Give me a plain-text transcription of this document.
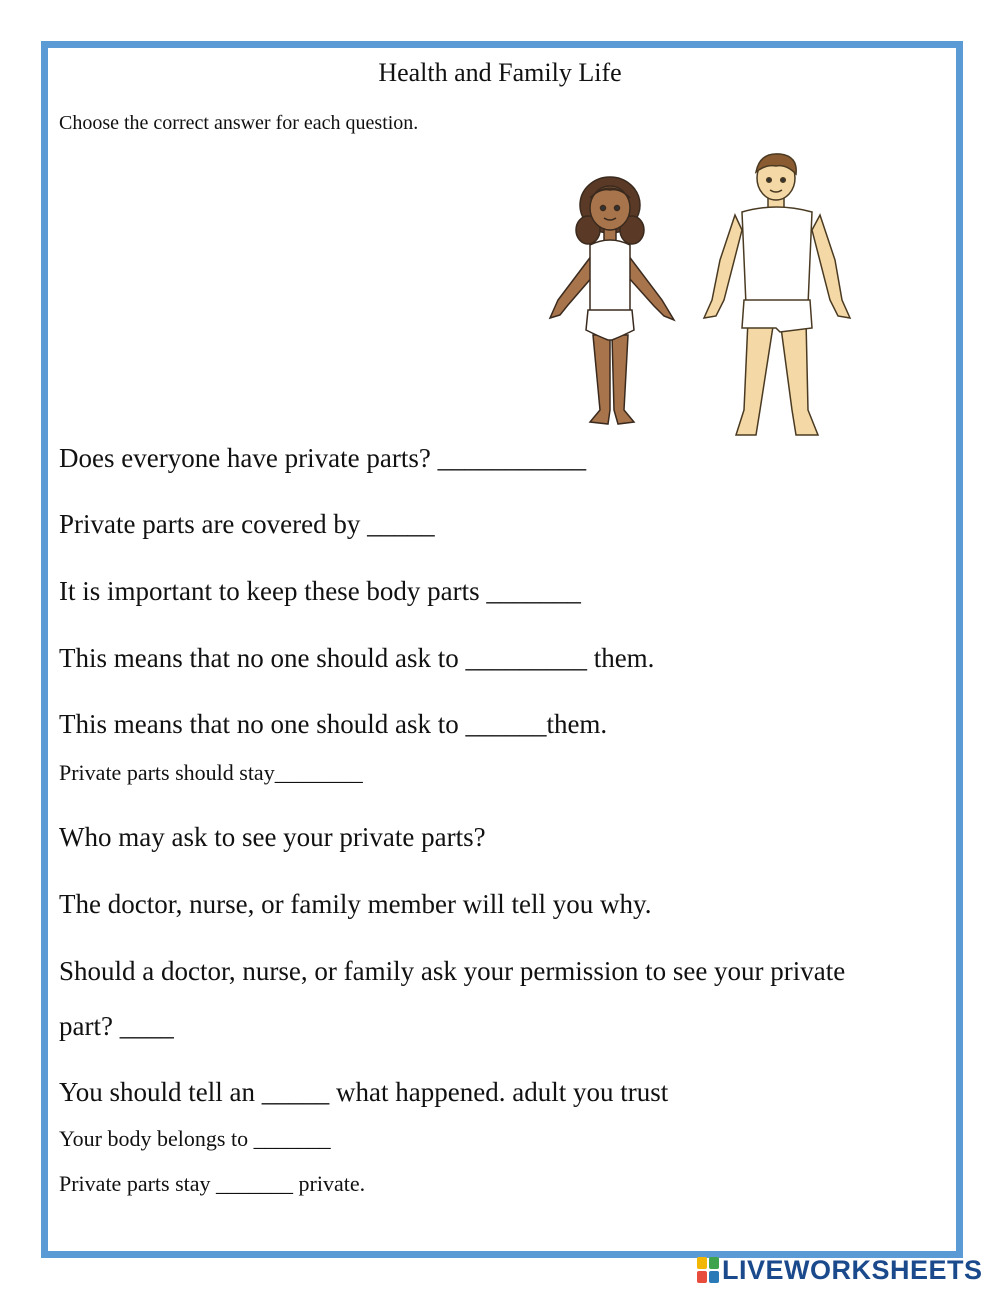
Health and Family Life
Choose the correct answer for each question.
Does everyone have private parts? ___________
Private parts are covered by _____
It is important to keep these body parts _______
This means that no one should ask to _________ them.
This means that no one should ask to ______them.
Private parts should stay________
Who may ask to see your private parts?
The doctor, nurse, or family member will tell you why.
Should a doctor, nurse, or family ask your permission to see your private
part? ____
You should tell an _____ what happened. adult you trust
Your body belongs to _______
Private parts stay _______ private.
LIVEWORKSHEETS
